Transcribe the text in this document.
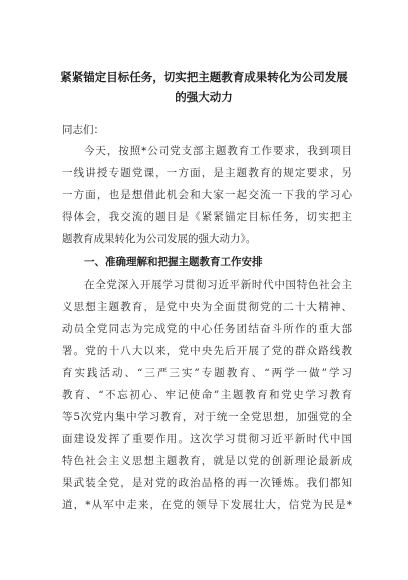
紧紧锚定目标任务，切实把主题教育成果转化为公司发展
的强大动力

同志们：

今天，按照*公司党支部主题教育工作要求，我到项目

一线讲授专题党课，一方面，是主题教育的规定要求，另

一方面，也是想借此机会和大家一起交流一下我的学习心

得体会，我交流的题目是《紧紧锚定目标任务，切实把主

题教育成果转化为公司发展的强大动力》。

一、准确理解和把握主题教育工作安排

在全党深入开展学习贯彻习近平新时代中国特色社会主

义思想主题教育，是党中央为全面贯彻党的二十大精神、

动员全党同志为完成党的中心任务团结奋斗所作的重大部

署。党的十八大以来，党中央先后开展了党的群众路线教

育实践活动、“三严三实”专题教育、“两学一做”学习

教育、“不忘初心、牢记使命”主题教育和党史学习教育

等5次党内集中学习教育，对于统一全党思想，加强党的全

面建设发挥了重要作用。这次学习贯彻习近平新时代中国

特色社会主义思想主题教育，就是以党的创新理论最新成

果武装全党，是对党的政治品格的再一次锤炼。我们都知

道，*从军中走来，在党的领导下发展壮大，信党为民是*
